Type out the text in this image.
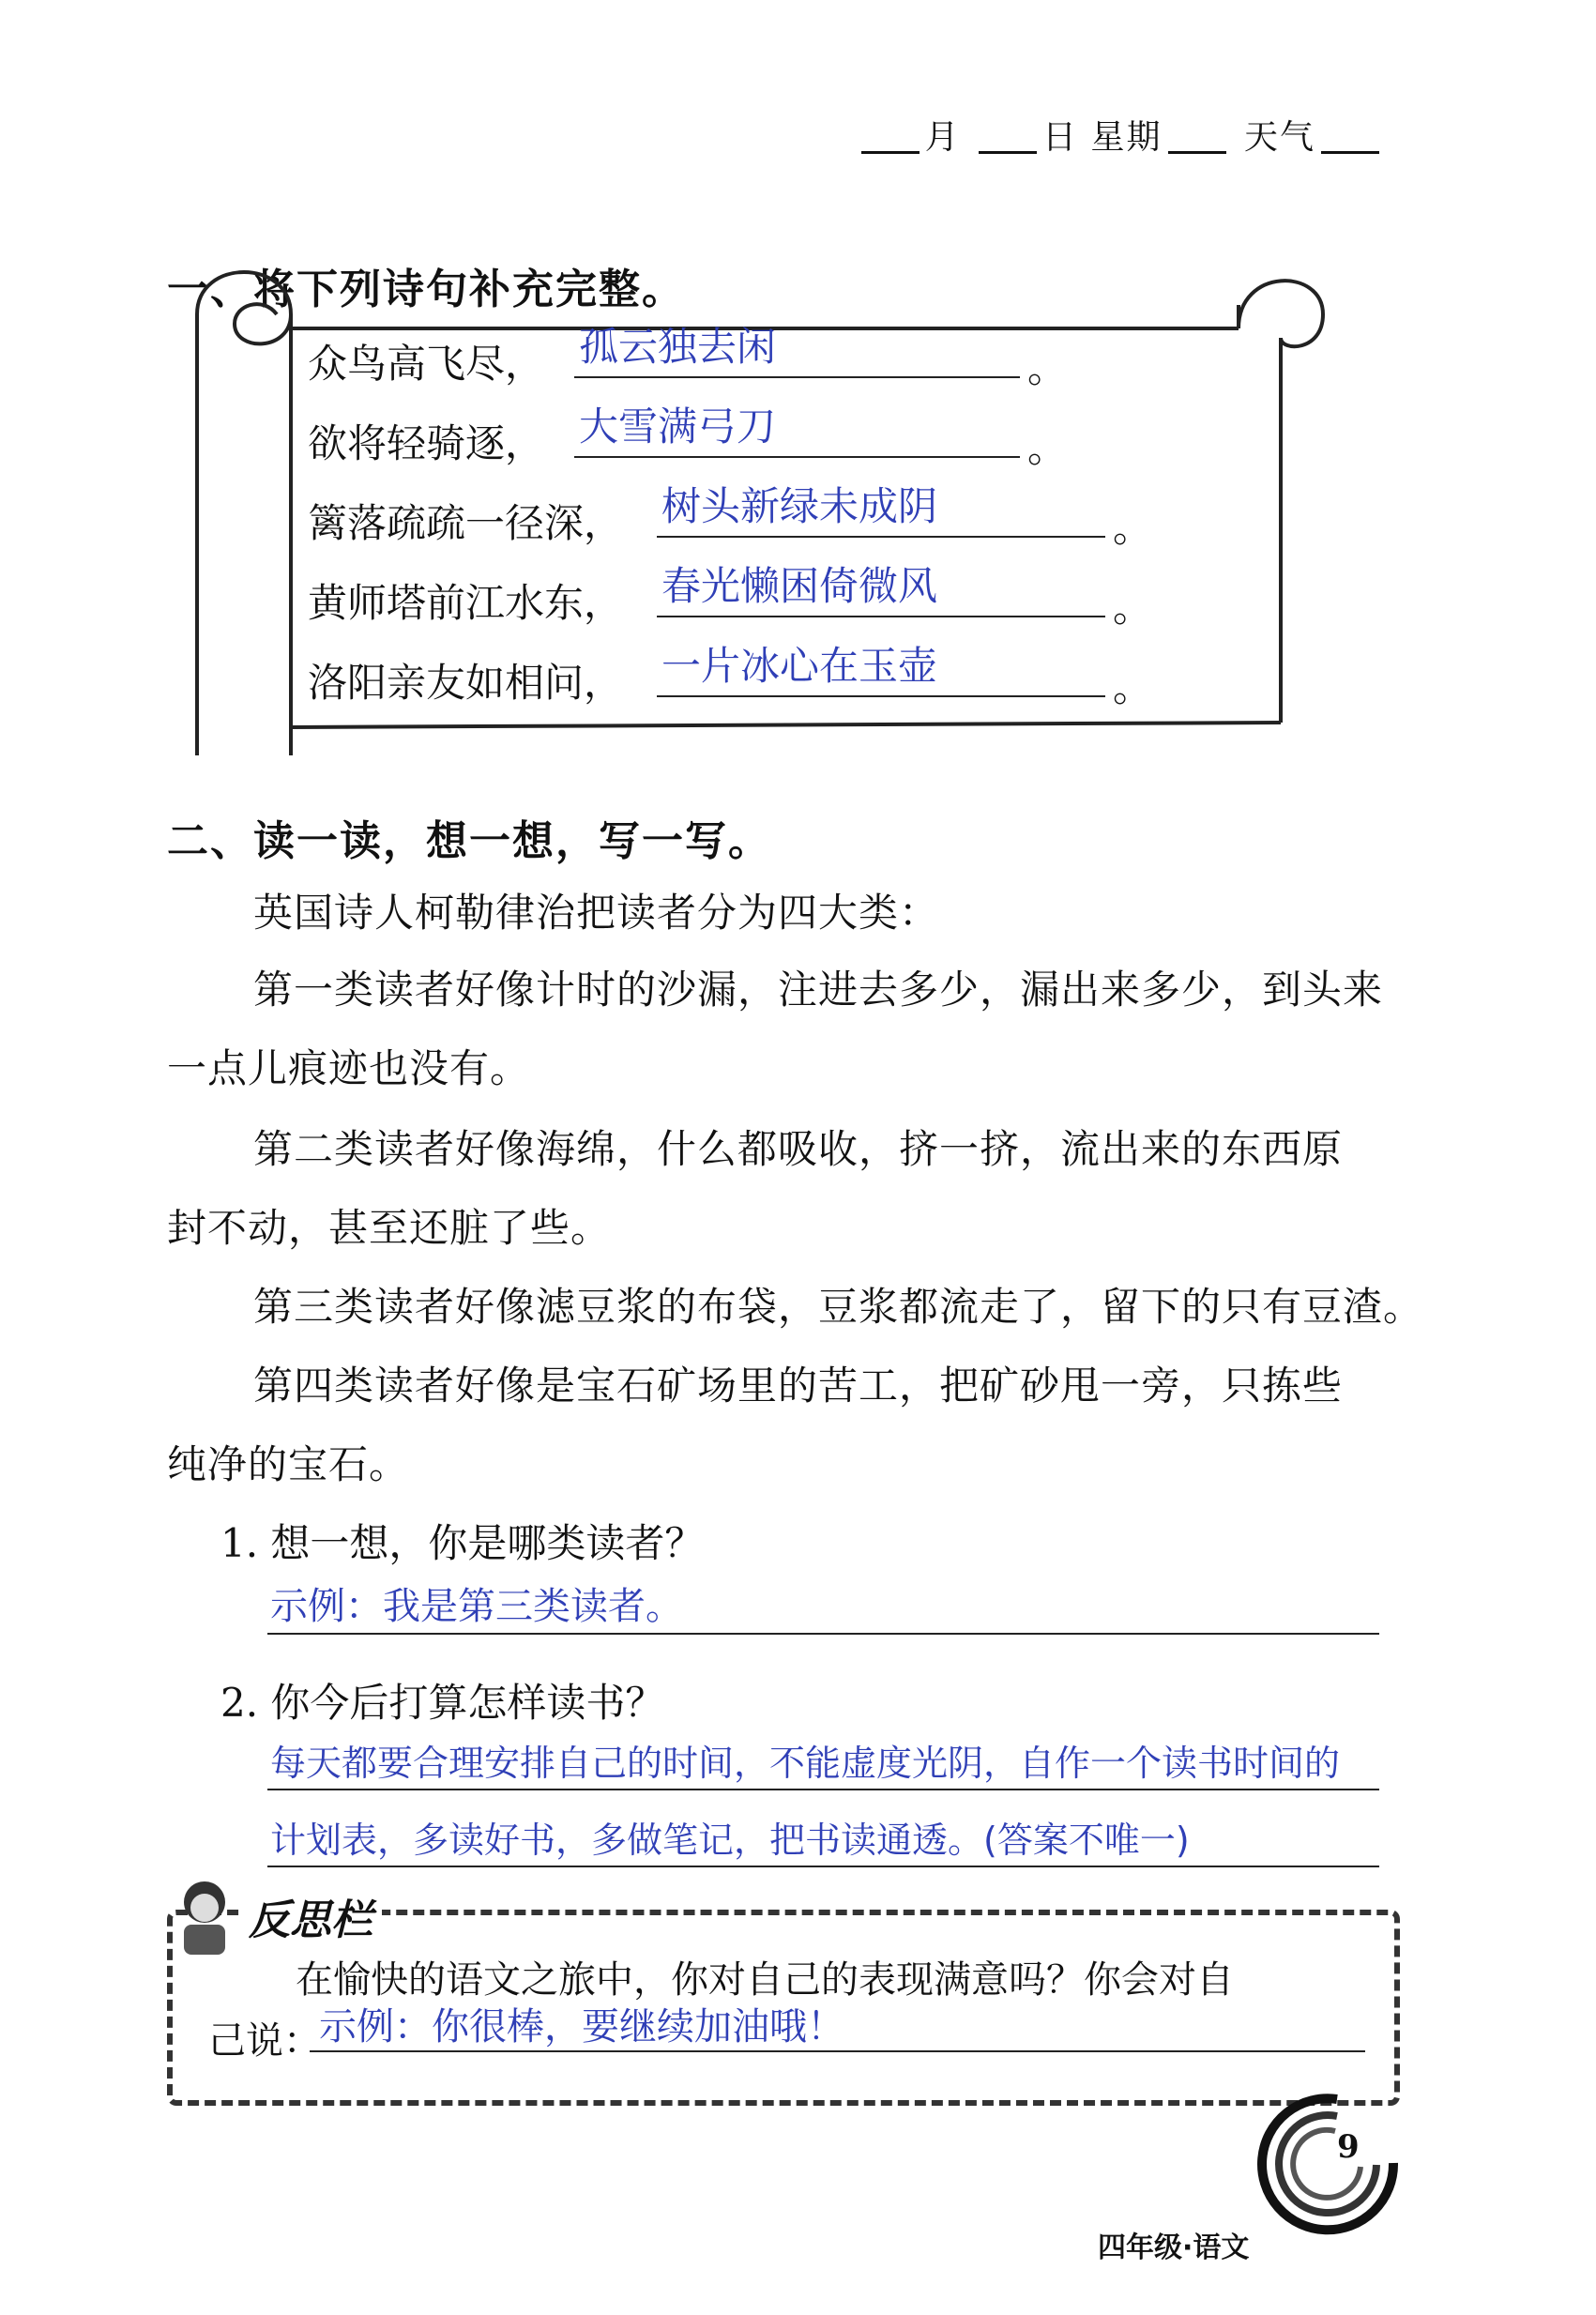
月 日 星期 天气
一、将下列诗句补充完整。
众鸟高飞尽， 孤云独去闲	。
欲将轻骑逐， 大雪满弓刀	。
篱落疏疏一径深， 树头新绿未成阴	。
黄师塔前江水东， 春光懒困倚微风	。
洛阳亲友如相问， 一片冰心在玉壶	。
二、读一读，想一想，写一写。
英国诗人柯勒律治把读者分为四大类：
第一类读者好像计时的沙漏，注进去多少，漏出来多少，到头来
一点儿痕迹也没有。
第二类读者好像海绵，什么都吸收，挤一挤，流出来的东西原
封不动，甚至还脏了些。
第三类读者好像滤豆浆的布袋，豆浆都流走了，留下的只有豆渣。
第四类读者好像是宝石矿场里的苦工，把矿砂甩一旁，只拣些
纯净的宝石。
1. 想一想，你是哪类读者？
示例：我是第三类读者。
2. 你今后打算怎样读书？
每天都要合理安排自己的时间，不能虚度光阴，自作一个读书时间的
计划表，多读好书，多做笔记，把书读通透。(答案不唯一)
反思栏
在愉快的语文之旅中，你对自己的表现满意吗？你会对自
己说：
示例：你很棒，要继续加油哦！
9
四年级·语文
